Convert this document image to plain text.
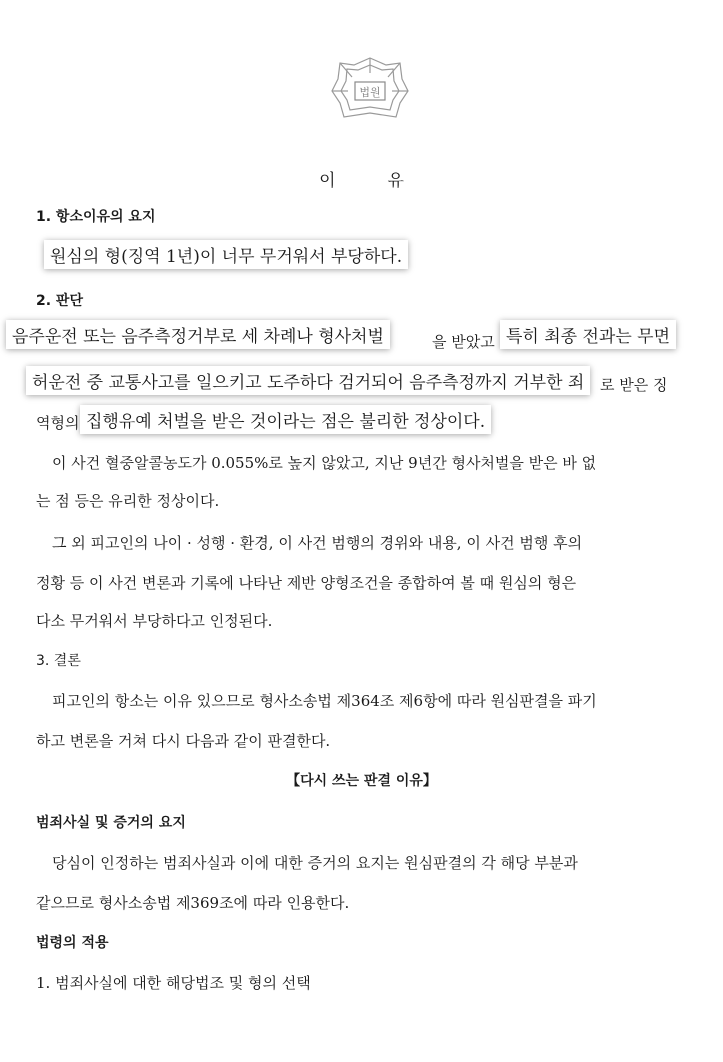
법원
이	유
1. 항소이유의 요지
원심의 형(징역 1년)이 너무 무거워서 부당하다.
2. 판단
음주운전 또는 음주측정거부로 세 차례나 형사처벌	을 받았고 특히 최종 전과는 무면
허운전 중 교통사고를 일으키고 도주하다 검거되어 음주측정까지 거부한 죄	로 받은 징
역형의 집행유예 처벌을 받은 것이라는 점은 불리한 정상이다.
이 사건 혈중알콜농도가 0.055%로 높지 않았고, 지난 9년간 형사처벌을 받은 바 없
는 점 등은 유리한 정상이다.
그 외 피고인의 나이 · 성행 · 환경, 이 사건 범행의 경위와 내용, 이 사건 범행 후의
정황 등 이 사건 변론과 기록에 나타난 제반 양형조건을 종합하여 볼 때 원심의 형은
다소 무거워서 부당하다고 인정된다.
3. 결론
피고인의 항소는 이유 있으므로 형사소송법 제364조 제6항에 따라 원심판결을 파기
하고 변론을 거쳐 다시 다음과 같이 판결한다.
【다시 쓰는 판결 이유】
범죄사실 및 증거의 요지
당심이 인정하는 범죄사실과 이에 대한 증거의 요지는 원심판결의 각 해당 부분과
같으므로 형사소송법 제369조에 따라 인용한다.
법령의 적용
1. 범죄사실에 대한 해당법조 및 형의 선택
